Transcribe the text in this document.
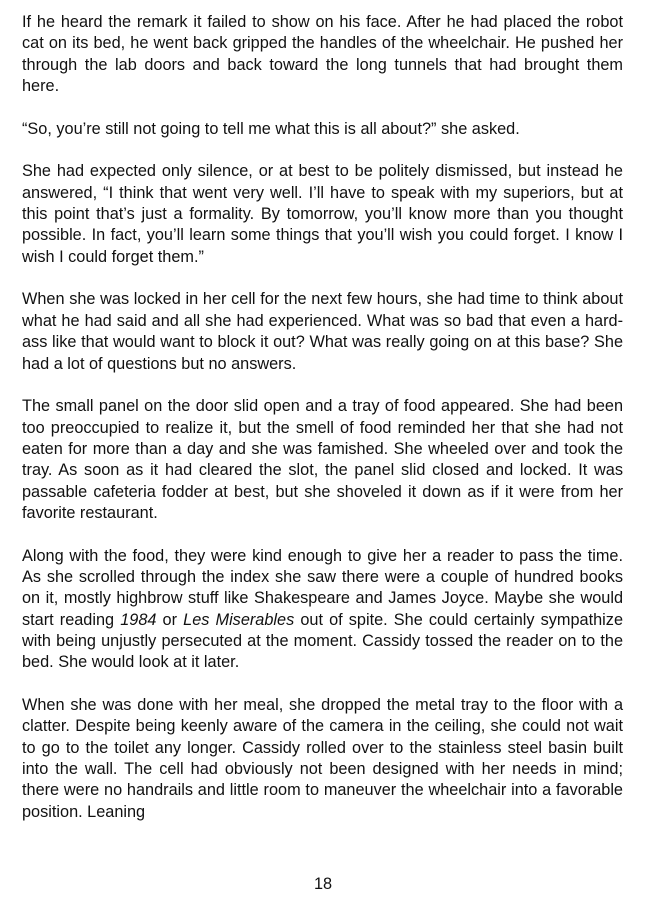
If he heard the remark it failed to show on his face. After he had placed the robot cat on its bed, he went back gripped the handles of the wheelchair. He pushed her through the lab doors and back toward the long tunnels that had brought them here.

“So, you’re still not going to tell me what this is all about?” she asked.

She had expected only silence, or at best to be politely dismissed, but instead he answered, “I think that went very well. I’ll have to speak with my superiors, but at this point that’s just a formality. By tomorrow, you’ll know more than you thought possible. In fact, you’ll learn some things that you’ll wish you could forget. I know I wish I could forget them.”

When she was locked in her cell for the next few hours, she had time to think about what he had said and all she had experienced. What was so bad that even a hard-ass like that would want to block it out? What was really going on at this base? She had a lot of questions but no answers.

The small panel on the door slid open and a tray of food appeared. She had been too preoccupied to realize it, but the smell of food reminded her that she had not eaten for more than a day and she was famished. She wheeled over and took the tray. As soon as it had cleared the slot, the panel slid closed and locked. It was passable cafeteria fodder at best, but she shoveled it down as if it were from her favorite restaurant.

Along with the food, they were kind enough to give her a reader to pass the time. As she scrolled through the index she saw there were a couple of hundred books on it, mostly highbrow stuff like Shakespeare and James Joyce. Maybe she would start reading 1984 or Les Miserables out of spite. She could certainly sympathize with being unjustly persecuted at the moment. Cassidy tossed the reader on to the bed. She would look at it later.

When she was done with her meal, she dropped the metal tray to the floor with a clatter. Despite being keenly aware of the camera in the ceiling, she could not wait to go to the toilet any longer. Cassidy rolled over to the stainless steel basin built into the wall. The cell had obviously not been designed with her needs in mind; there were no handrails and little room to maneuver the wheelchair into a favorable position. Leaning

18
